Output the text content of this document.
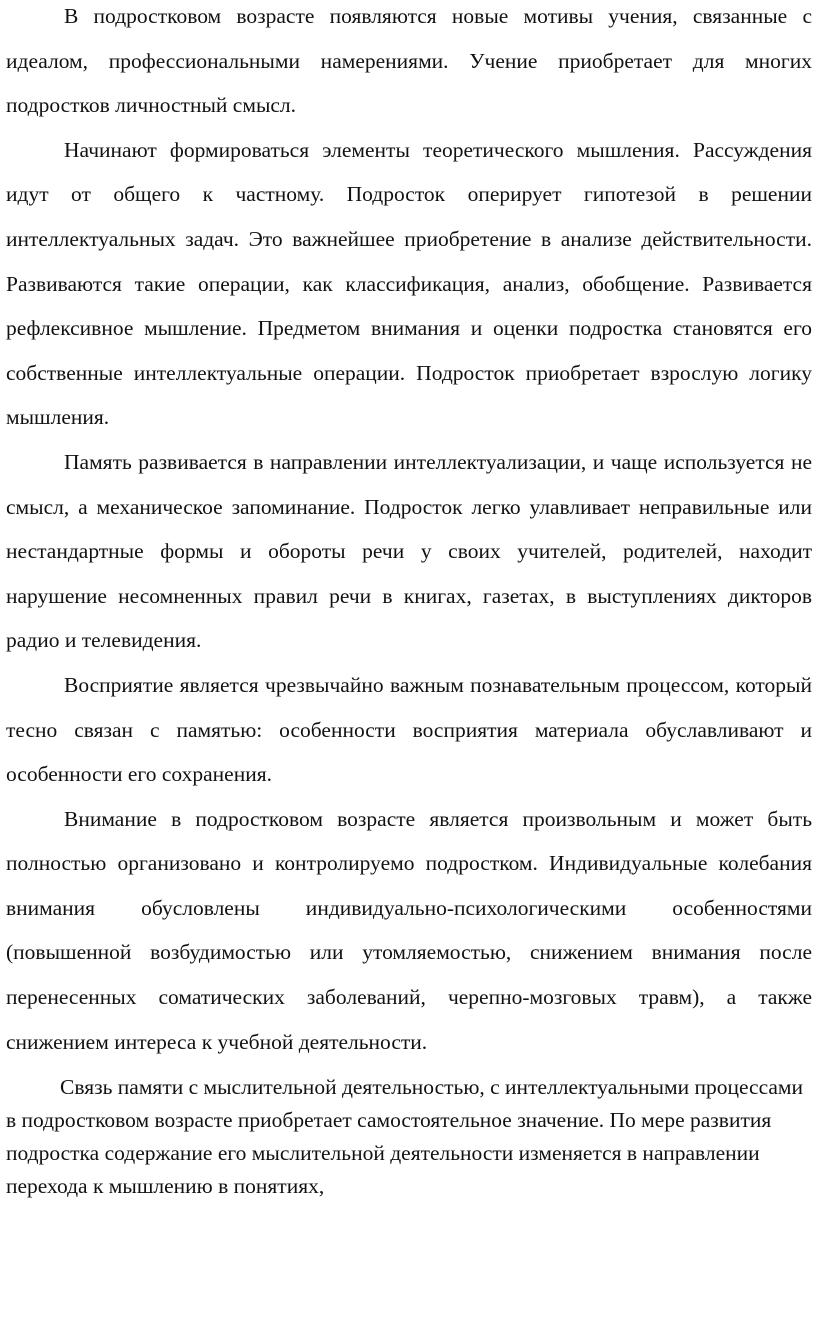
В подростковом возрасте появляются новые мотивы учения, связанные с идеалом, профессиональными намерениями. Учение приобретает для многих подростков личностный смысл.

Начинают формироваться элементы теоретического мышления. Рассуждения идут от общего к частному. Подросток оперирует гипотезой в решении интеллектуальных задач. Это важнейшее приобретение в анализе действительности. Развиваются такие операции, как классификация, анализ, обобщение. Развивается рефлексивное мышление. Предметом внимания и оценки подростка становятся его собственные интеллектуальные операции. Подросток приобретает взрослую логику мышления.

Память развивается в направлении интеллектуализации, и чаще используется не смысл, а механическое запоминание. Подросток легко улавливает неправильные или нестандартные формы и обороты речи у своих учителей, родителей, находит нарушение несомненных правил речи в книгах, газетах, в выступлениях дикторов радио и телевидения.

Восприятие является чрезвычайно важным познавательным процессом, который тесно связан с памятью: особенности восприятия материала обуславливают и особенности его сохранения.

Внимание в подростковом возрасте является произвольным и может быть полностью организовано и контролируемо подростком. Индивидуальные колебания внимания обусловлены индивидуально-психологическими особенностями (повышенной возбудимостью или утомляемостью, снижением внимания после перенесенных соматических заболеваний, черепно-мозговых травм), а также снижением интереса к учебной деятельности.

Связь памяти с мыслительной деятельностью, с интеллектуальными процессами в подростковом возрасте приобретает самостоятельное значение. По мере развития подростка содержание его мыслительной деятельности изменяется в направлении перехода к мышлению в понятиях,
